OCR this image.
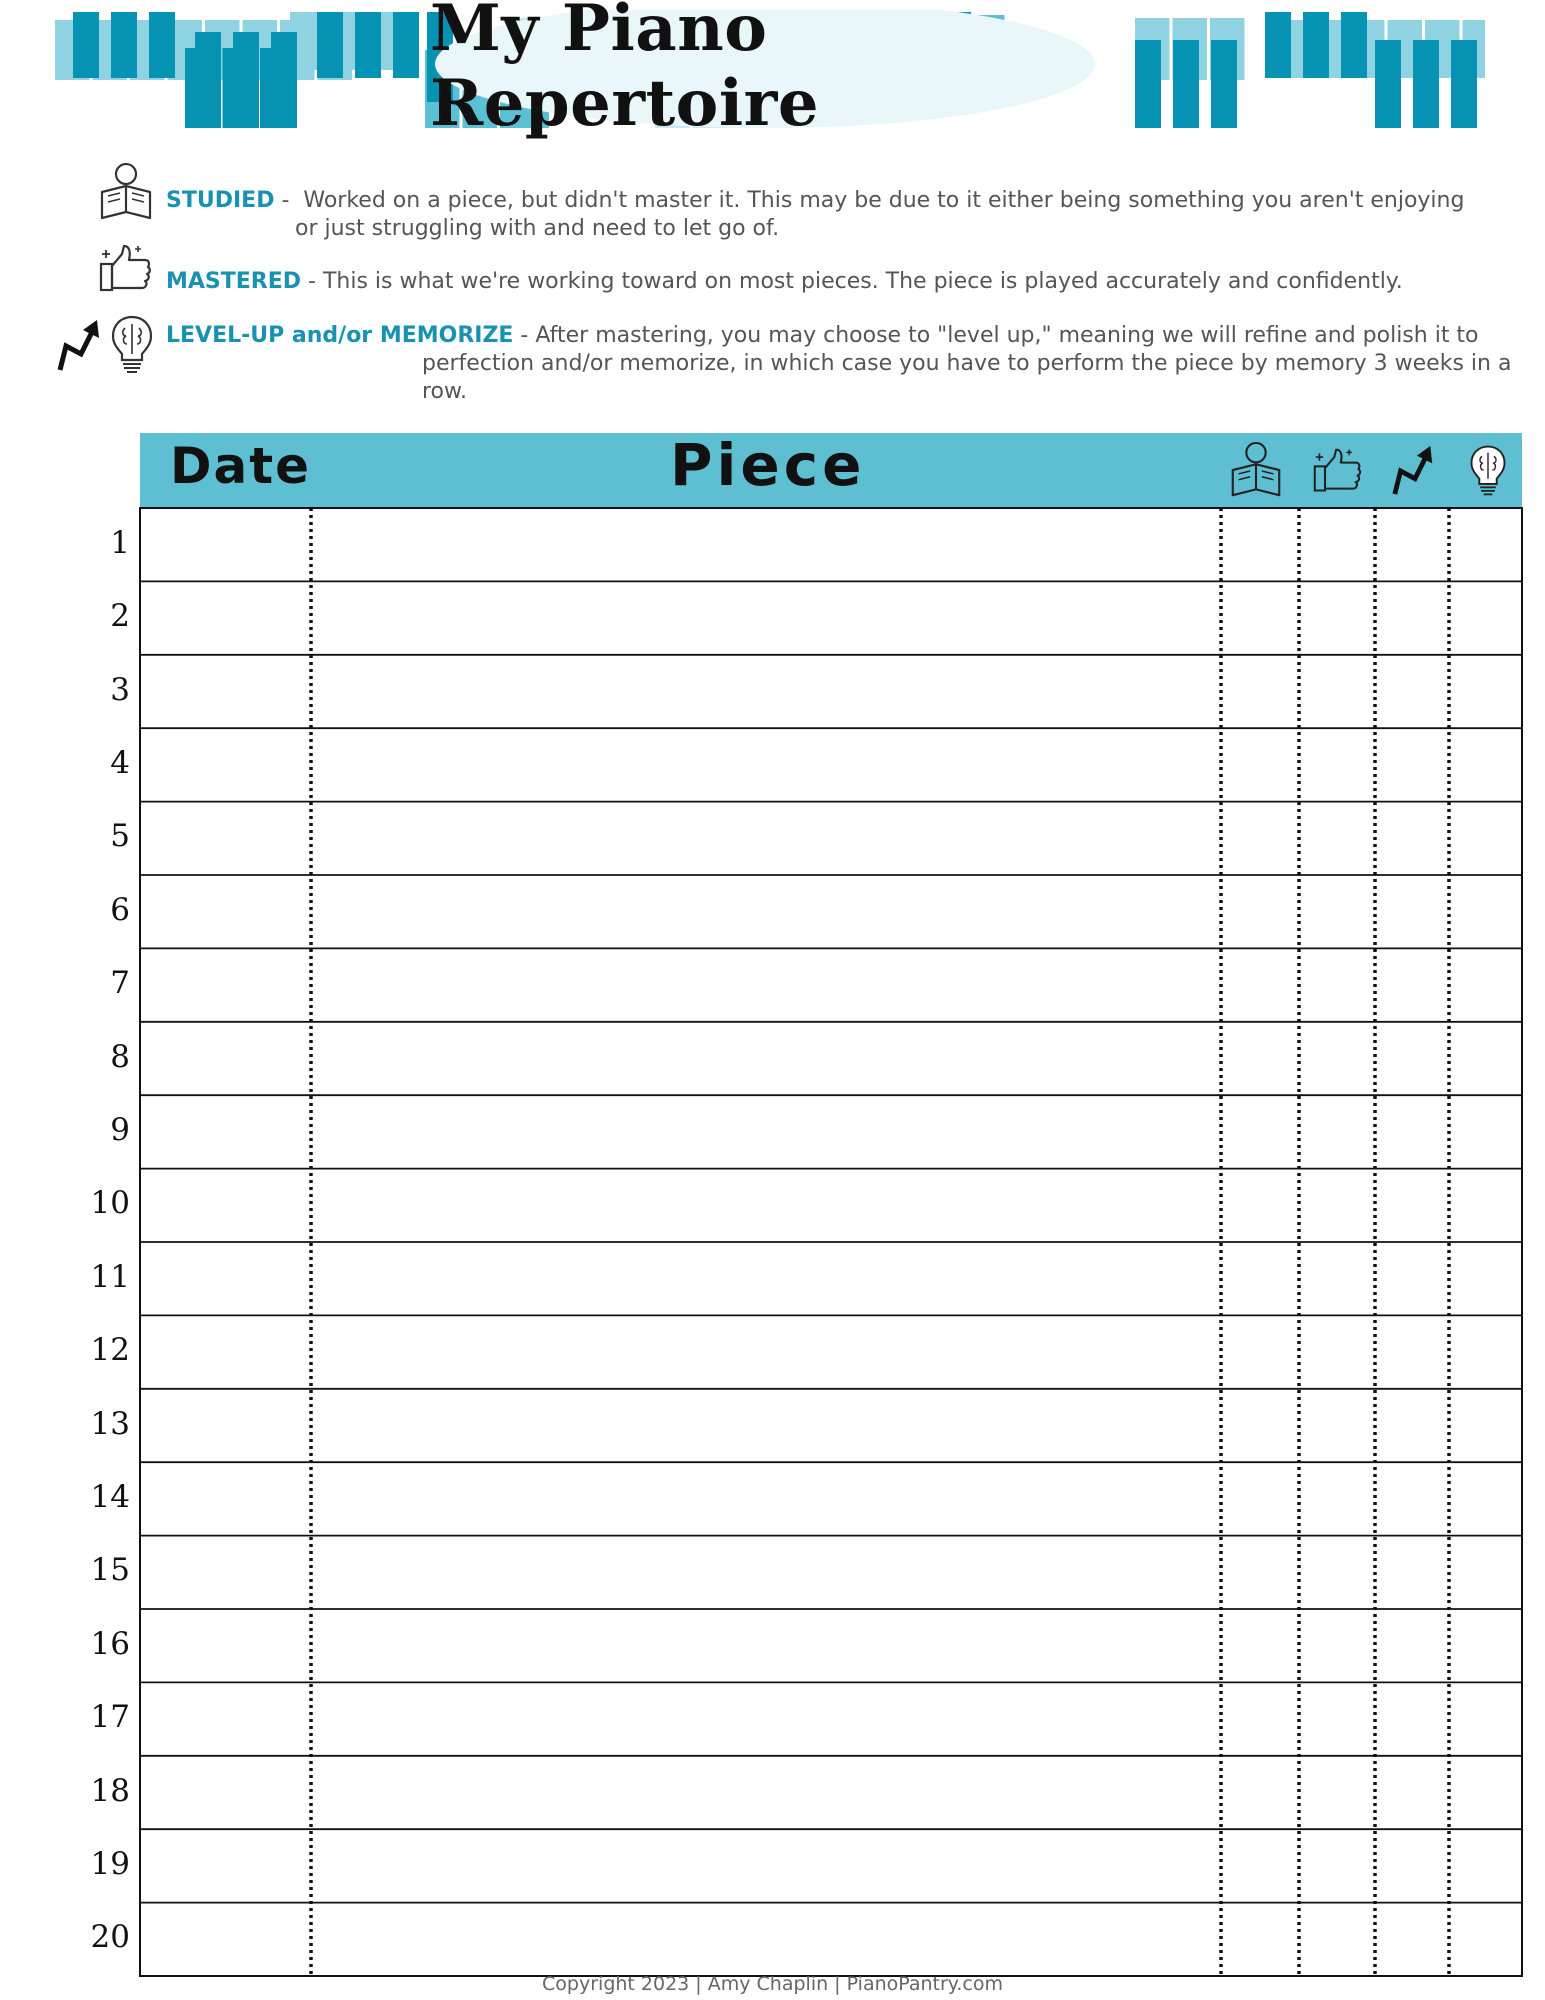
My Piano Repertoire
STUDIED -  Worked on a piece, but didn't master it. This may be due to it either being something you aren't enjoying
or just struggling with and need to let go of.
MASTERED - This is what we're working toward on most pieces. The piece is played accurately and confidently.
LEVEL-UP and/or MEMORIZE - After mastering, you may choose to "level up," meaning we will refine and polish it to
perfection and/or memorize, in which case you have to perform the piece by memory 3 weeks in a row.
Date	Piece
1
2
3
4
5
6
7
8
9
10
11
12
13
14
15
16
17
18
19
20
Copyright 2023 | Amy Chaplin | PianoPantry.com
